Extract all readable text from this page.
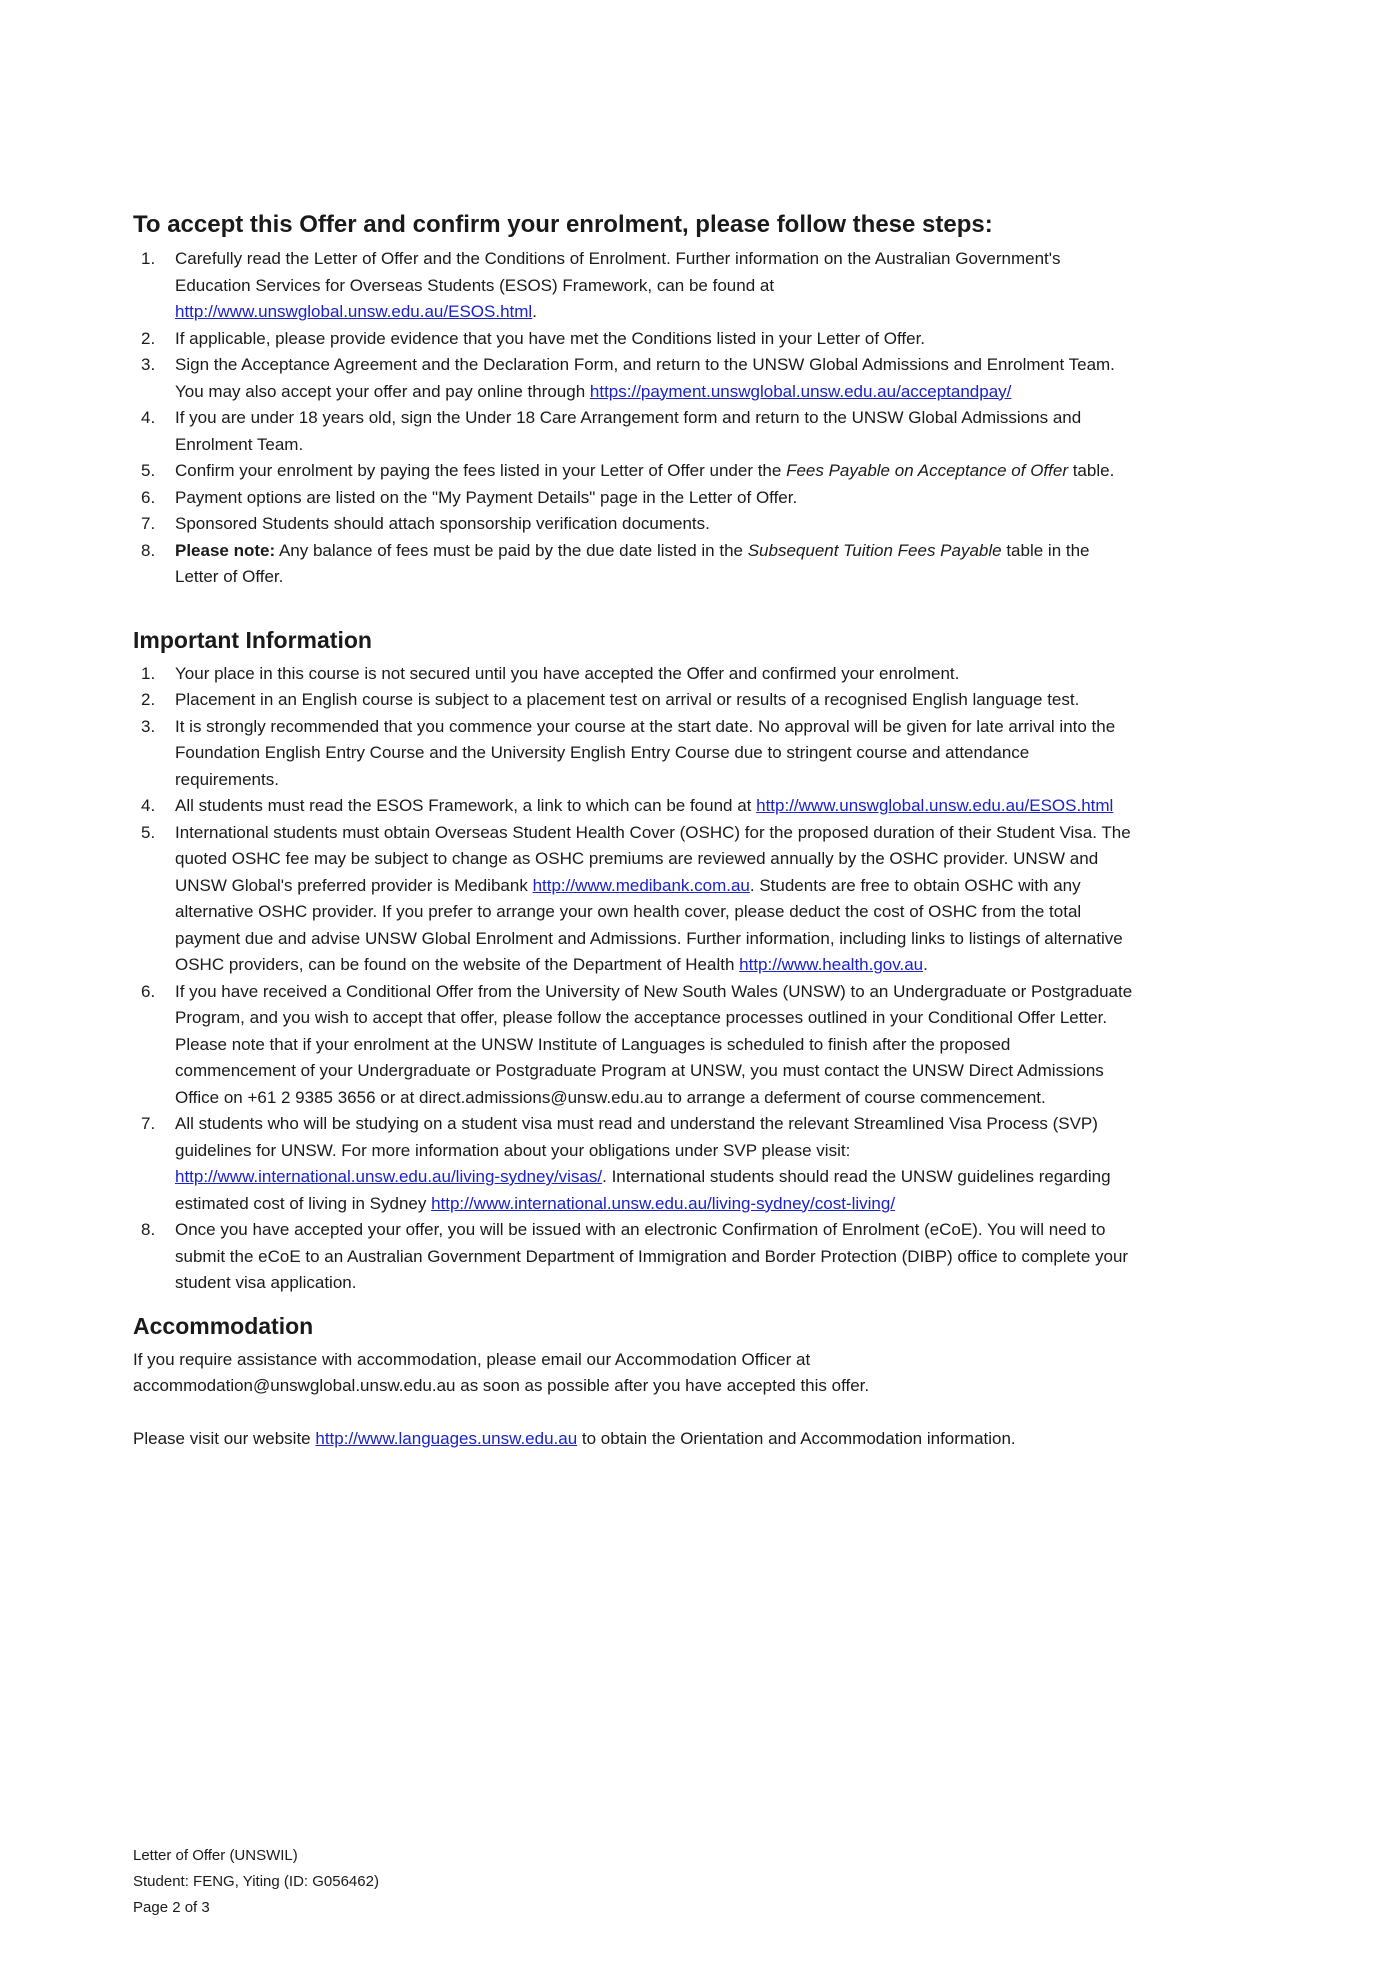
To accept this Offer and confirm your enrolment, please follow these steps:
1. Carefully read the Letter of Offer and the Conditions of Enrolment. Further information on the Australian Government's Education Services for Overseas Students (ESOS) Framework, can be found at http://www.unswglobal.unsw.edu.au/ESOS.html.
2. If applicable, please provide evidence that you have met the Conditions listed in your Letter of Offer.
3. Sign the Acceptance Agreement and the Declaration Form, and return to the UNSW Global Admissions and Enrolment Team. You may also accept your offer and pay online through https://payment.unswglobal.unsw.edu.au/acceptandpay/
4. If you are under 18 years old, sign the Under 18 Care Arrangement form and return to the UNSW Global Admissions and Enrolment Team.
5. Confirm your enrolment by paying the fees listed in your Letter of Offer under the Fees Payable on Acceptance of Offer table.
6. Payment options are listed on the "My Payment Details" page in the Letter of Offer.
7. Sponsored Students should attach sponsorship verification documents.
8. Please note: Any balance of fees must be paid by the due date listed in the Subsequent Tuition Fees Payable table in the Letter of Offer.
Important Information
1. Your place in this course is not secured until you have accepted the Offer and confirmed your enrolment.
2. Placement in an English course is subject to a placement test on arrival or results of a recognised English language test.
3. It is strongly recommended that you commence your course at the start date. No approval will be given for late arrival into the Foundation English Entry Course and the University English Entry Course due to stringent course and attendance requirements.
4. All students must read the ESOS Framework, a link to which can be found at http://www.unswglobal.unsw.edu.au/ESOS.html
5. International students must obtain Overseas Student Health Cover (OSHC) for the proposed duration of their Student Visa. The quoted OSHC fee may be subject to change as OSHC premiums are reviewed annually by the OSHC provider. UNSW and UNSW Global's preferred provider is Medibank http://www.medibank.com.au. Students are free to obtain OSHC with any alternative OSHC provider. If you prefer to arrange your own health cover, please deduct the cost of OSHC from the total payment due and advise UNSW Global Enrolment and Admissions. Further information, including links to listings of alternative OSHC providers, can be found on the website of the Department of Health http://www.health.gov.au.
6. If you have received a Conditional Offer from the University of New South Wales (UNSW) to an Undergraduate or Postgraduate Program, and you wish to accept that offer, please follow the acceptance processes outlined in your Conditional Offer Letter. Please note that if your enrolment at the UNSW Institute of Languages is scheduled to finish after the proposed commencement of your Undergraduate or Postgraduate Program at UNSW, you must contact the UNSW Direct Admissions Office on +61 2 9385 3656 or at direct.admissions@unsw.edu.au to arrange a deferment of course commencement.
7. All students who will be studying on a student visa must read and understand the relevant Streamlined Visa Process (SVP) guidelines for UNSW. For more information about your obligations under SVP please visit: http://www.international.unsw.edu.au/living-sydney/visas/. International students should read the UNSW guidelines regarding estimated cost of living in Sydney http://www.international.unsw.edu.au/living-sydney/cost-living/
8. Once you have accepted your offer, you will be issued with an electronic Confirmation of Enrolment (eCoE). You will need to submit the eCoE to an Australian Government Department of Immigration and Border Protection (DIBP) office to complete your student visa application.
Accommodation

If you require assistance with accommodation, please email our Accommodation Officer at accommodation@unswglobal.unsw.edu.au as soon as possible after you have accepted this offer.

Please visit our website http://www.languages.unsw.edu.au to obtain the Orientation and Accommodation information.

Letter of Offer (UNSWIL)
Student: FENG, Yiting (ID: G056462)
Page 2 of 3
